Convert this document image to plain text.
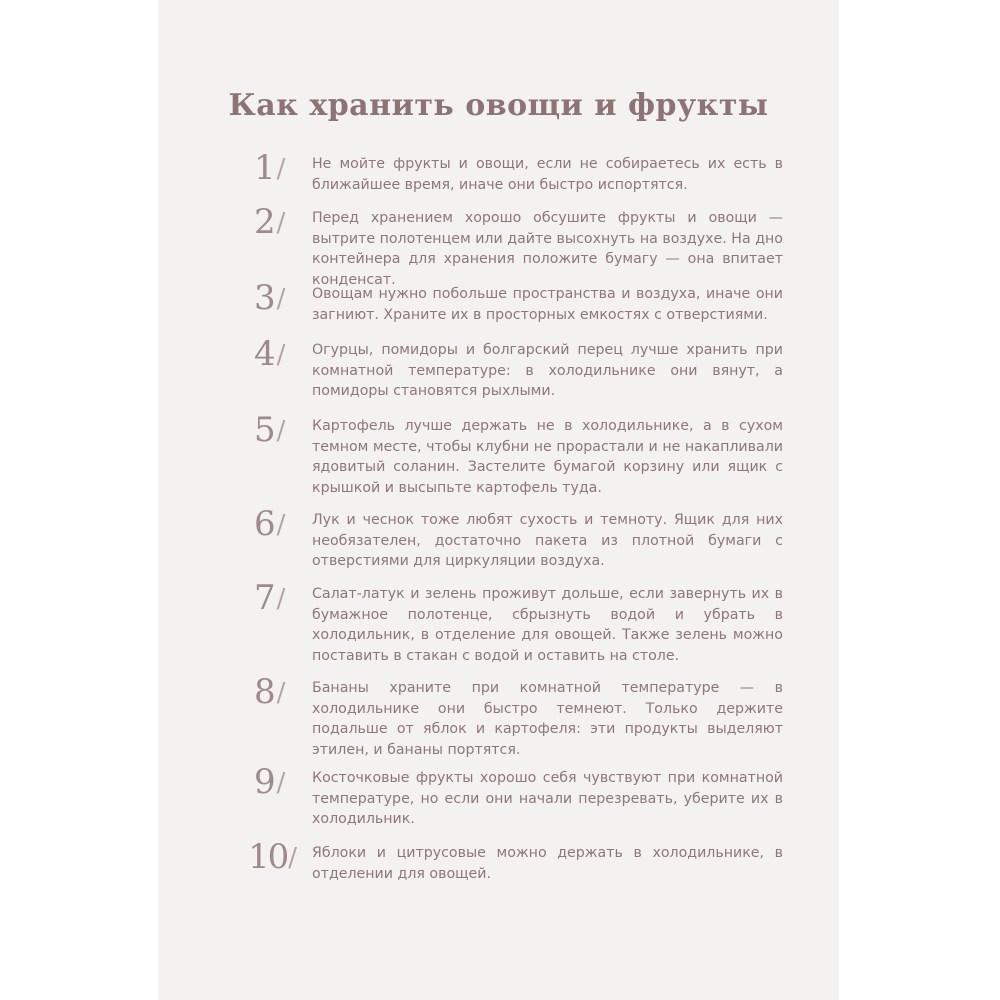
Как хранить овощи и фрукты
1/	Не мойте фрукты и овощи, если не собираетесь их есть в ближайшее время, иначе они быстро испортятся.

2/	Перед хранением хорошо обсушите фрукты и овощи — вытрите полотенцем или дайте высохнуть на воздухе. На дно контейнера для хранения положите бумагу — она впитает конденсат.

3/	Овощам нужно побольше пространства и воздуха, иначе они загниют. Храните их в просторных емкостях с отверстиями.

4/	Огурцы, помидоры и болгарский перец лучше хранить при комнатной температуре: в холодильнике они вянут, а помидоры становятся рыхлыми.

5/	Картофель лучше держать не в холодильнике, а в сухом темном месте, чтобы клубни не прорастали и не накапливали ядовитый соланин. Застелите бумагой корзину или ящик с крышкой и высыпьте картофель туда.

6/	Лук и чеснок тоже любят сухость и темноту. Ящик для них необязателен, достаточно пакета из плотной бумаги с отверстиями для циркуляции воздуха.

7/	Салат-латук и зелень проживут дольше, если завернуть их в бумажное полотенце, сбрызнуть водой и убрать в холодильник, в отделение для овощей. Также зелень можно поставить в стакан с водой и оставить на столе.

8/	Бананы храните при комнатной температуре — в холодильнике они быстро темнеют. Только держите подальше от яблок и картофеля: эти продукты выделяют этилен, и бананы портятся.

9/	Косточковые фрукты хорошо себя чувствуют при комнатной температуре, но если они начали перезревать, уберите их в холодильник.

10/ Яблоки и цитрусовые можно держать в холодильнике, в отделении для овощей.
